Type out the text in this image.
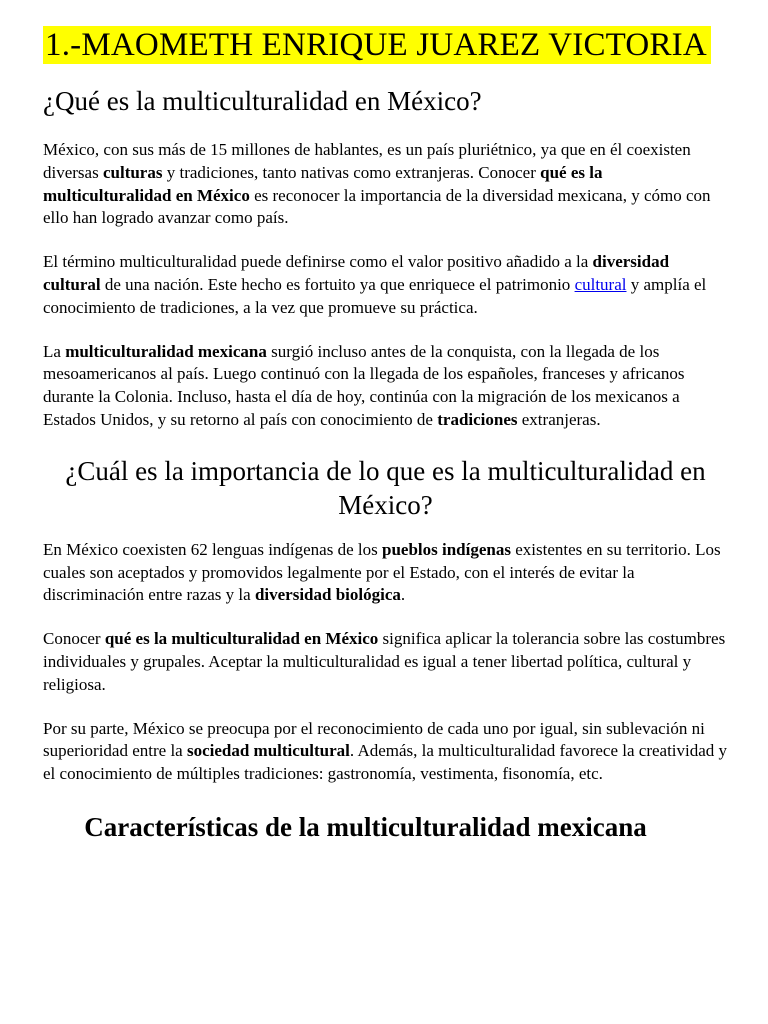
1.-MAOMETH ENRIQUE JUAREZ VICTORIA
¿Qué es la multiculturalidad en México?

México, con sus más de 15 millones de hablantes, es un país pluriétnico, ya que en él coexisten diversas culturas y tradiciones, tanto nativas como extranjeras. Conocer qué es la multiculturalidad en México es reconocer la importancia de la diversidad mexicana, y cómo con ello han logrado avanzar como país.

El término multiculturalidad puede definirse como el valor positivo añadido a la diversidad cultural de una nación. Este hecho es fortuito ya que enriquece el patrimonio cultural y amplía el conocimiento de tradiciones, a la vez que promueve su práctica.

La multiculturalidad mexicana surgió incluso antes de la conquista, con la llegada de los mesoamericanos al país. Luego continuó con la llegada de los españoles, franceses y africanos durante la Colonia. Incluso, hasta el día de hoy, continúa con la migración de los mexicanos a Estados Unidos, y su retorno al país con conocimiento de tradiciones extranjeras.

¿Cuál es la importancia de lo que es la multiculturalidad en México?

En México coexisten 62 lenguas indígenas de los pueblos indígenas existentes en su territorio. Los cuales son aceptados y promovidos legalmente por el Estado, con el interés de evitar la discriminación entre razas y la diversidad biológica.

Conocer qué es la multiculturalidad en México significa aplicar la tolerancia sobre las costumbres individuales y grupales. Aceptar la multiculturalidad es igual a tener libertad política, cultural y religiosa.

Por su parte, México se preocupa por el reconocimiento de cada uno por igual, sin sublevación ni superioridad entre la sociedad multicultural. Además, la multiculturalidad favorece la creatividad y el conocimiento de múltiples tradiciones: gastronomía, vestimenta, fisonomía, etc.

Características de la multiculturalidad mexicana
